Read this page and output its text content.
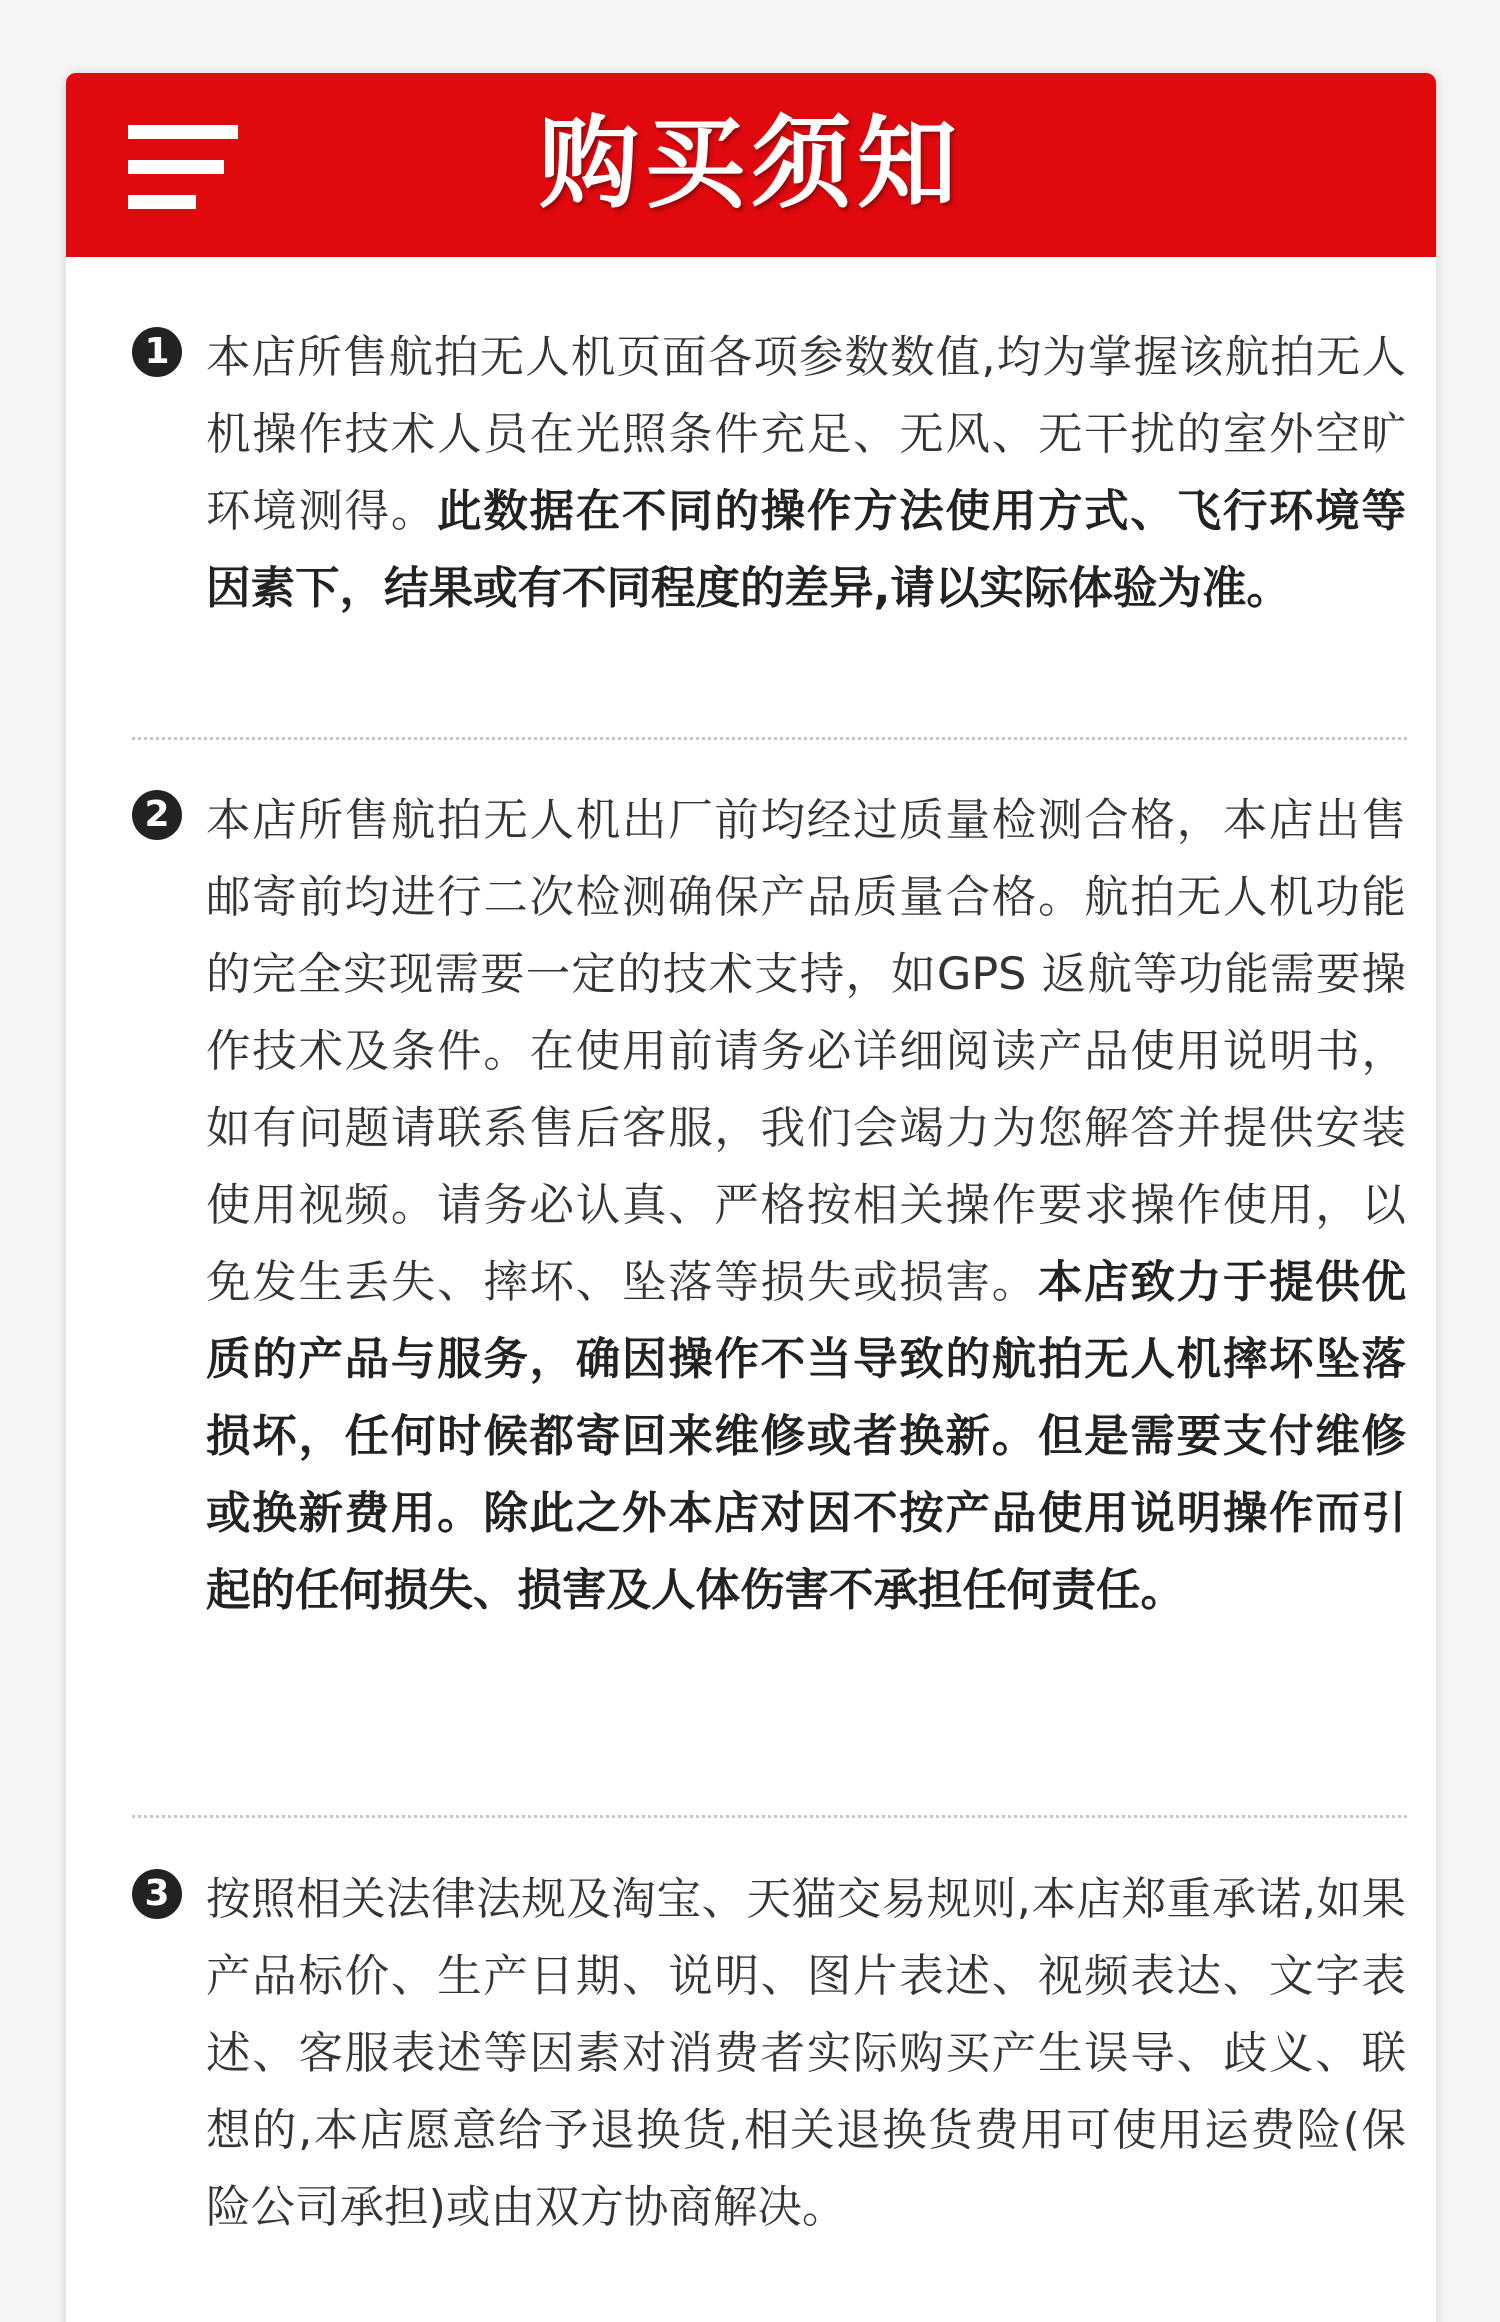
购买须知
1 本店所售航拍无人机页面各项参数数值,均为掌握该航拍无人机操作技术人员在光照条件充足、无风、无干扰的室外空旷环境测得。此数据在不同的操作方法使用方式、飞行环境等因素下，结果或有不同程度的差异,请以实际体验为准。
2 本店所售航拍无人机出厂前均经过质量检测合格，本店出售邮寄前均进行二次检测确保产品质量合格。航拍无人机功能的完全实现需要一定的技术支持，如GPS 返航等功能需要操作技术及条件。在使用前请务必详细阅读产品使用说明书，如有问题请联系售后客服，我们会竭力为您解答并提供安装使用视频。请务必认真、严格按相关操作要求操作使用，以免发生丢失、摔坏、坠落等损失或损害。本店致力于提供优质的产品与服务，确因操作不当导致的航拍无人机摔坏坠落损坏，任何时候都寄回来维修或者换新。但是需要支付维修或换新费用。除此之外本店对因不按产品使用说明操作而引起的任何损失、损害及人体伤害不承担任何责任。
3 按照相关法律法规及淘宝、天猫交易规则,本店郑重承诺,如果产品标价、生产日期、说明、图片表述、视频表达、文字表述、客服表述等因素对消费者实际购买产生误导、歧义、联想的,本店愿意给予退换货,相关退换货费用可使用运费险(保险公司承担)或由双方协商解决。
